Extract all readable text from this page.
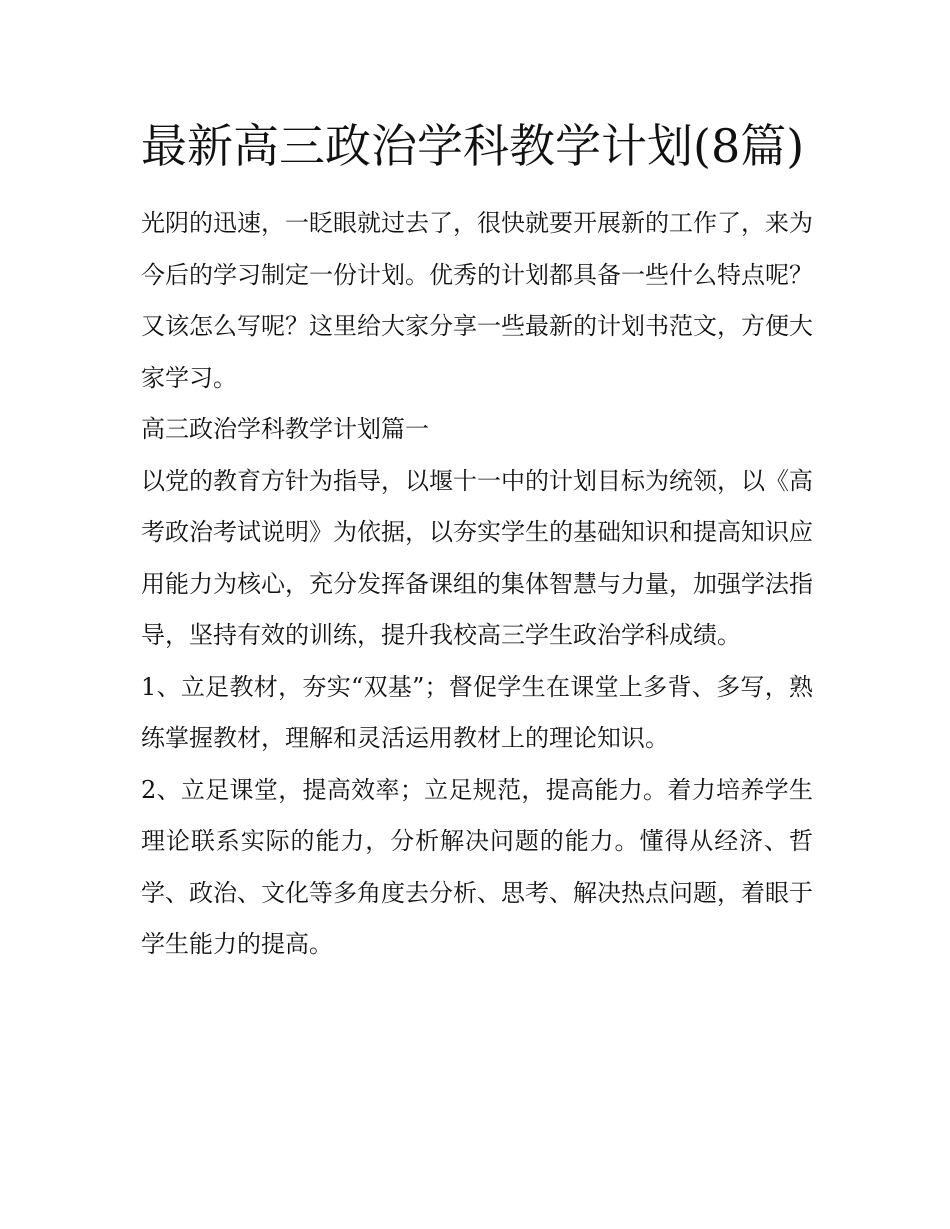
最新高三政治学科教学计划(8篇)

光阴的迅速，一眨眼就过去了，很快就要开展新的工作了，来为今后的学习制定一份计划。优秀的计划都具备一些什么特点呢？又该怎么写呢？这里给大家分享一些最新的计划书范文，方便大家学习。

高三政治学科教学计划篇一

以党的教育方针为指导，以堰十一中的计划目标为统领，以《高考政治考试说明》为依据，以夯实学生的基础知识和提高知识应用能力为核心，充分发挥备课组的集体智慧与力量，加强学法指导，坚持有效的训练，提升我校高三学生政治学科成绩。

1、立足教材，夯实“双基”；督促学生在课堂上多背、多写，熟练掌握教材，理解和灵活运用教材上的理论知识。

2、立足课堂，提高效率；立足规范，提高能力。着力培养学生理论联系实际的能力，分析解决问题的能力。懂得从经济、哲学、政治、文化等多角度去分析、思考、解决热点问题，着眼于学生能力的提高。
